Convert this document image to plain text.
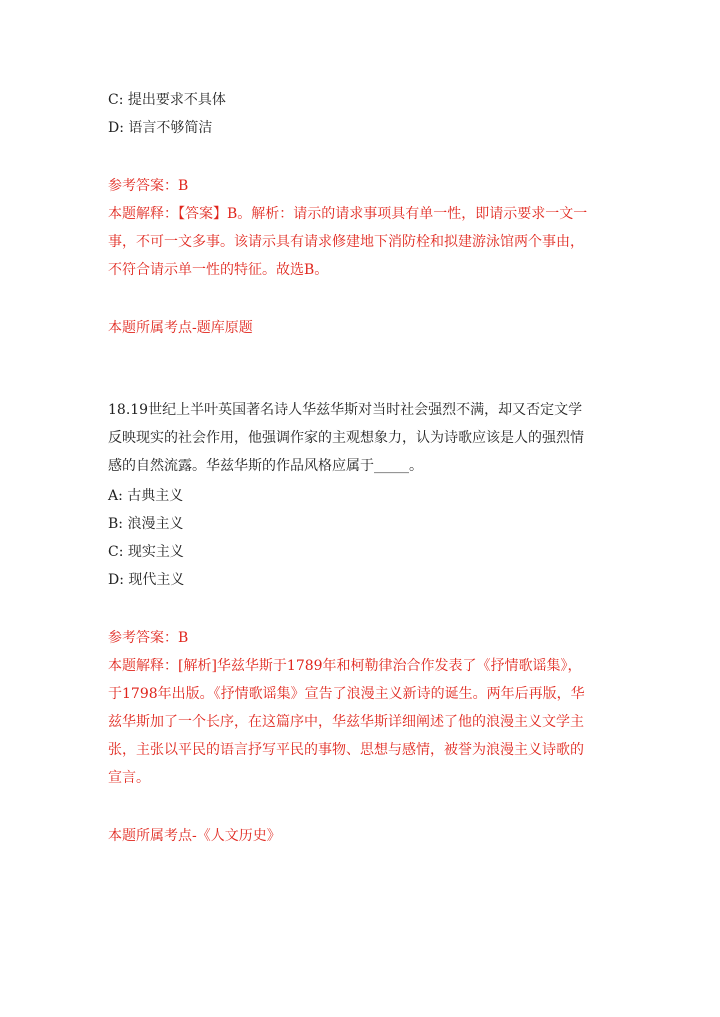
C: 提出要求不具体
D: 语言不够简洁
参考答案：B
本题解释：【答案】B。解析：请示的请求事项具有单一性，即请示要求一文一
事，不可一文多事。该请示具有请求修建地下消防栓和拟建游泳馆两个事由，
不符合请示单一性的特征。故选B。
本题所属考点-题库原题
18.19世纪上半叶英国著名诗人华兹华斯对当时社会强烈不满，却又否定文学
反映现实的社会作用，他强调作家的主观想象力，认为诗歌应该是人的强烈情
感的自然流露。华兹华斯的作品风格应属于_____。
A: 古典主义
B: 浪漫主义
C: 现实主义
D: 现代主义
参考答案：B
本题解释：[解析]华兹华斯于1789年和柯勒律治合作发表了《抒情歌谣集》，
于1798年出版。《抒情歌谣集》宣告了浪漫主义新诗的诞生。两年后再版，华
兹华斯加了一个长序，在这篇序中，华兹华斯详细阐述了他的浪漫主义文学主
张，主张以平民的语言抒写平民的事物、思想与感情，被誉为浪漫主义诗歌的
宣言。
本题所属考点-《人文历史》
